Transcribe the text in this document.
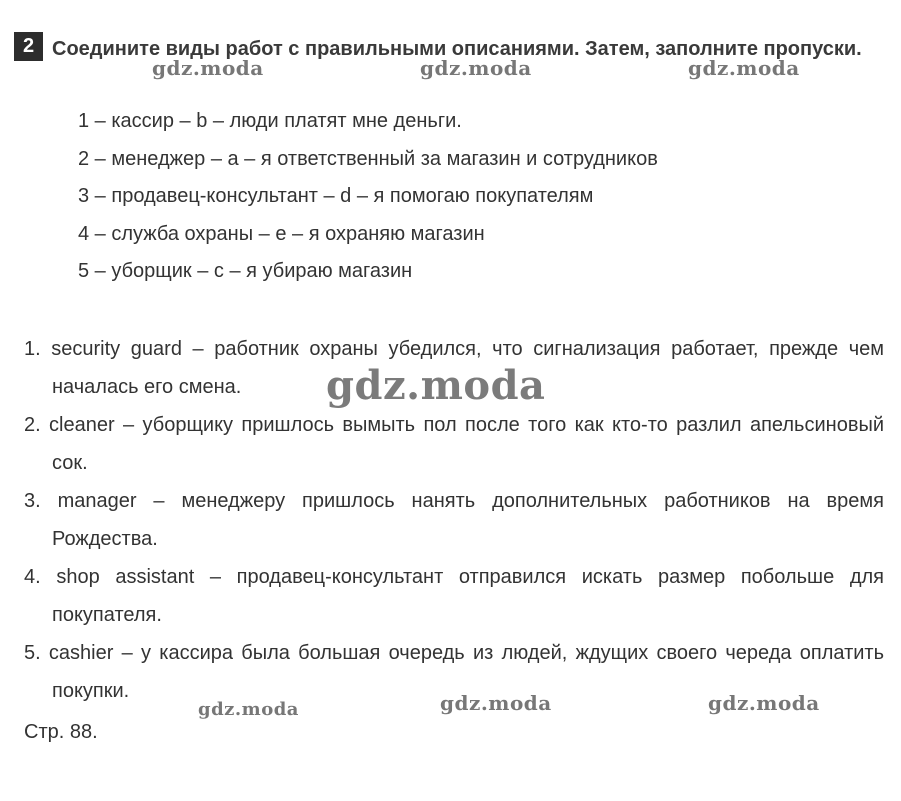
2 Соедините виды работ с правильными описаниями. Затем, заполните пропуски.
1 – кассир – b – люди платят мне деньги.
2 – менеджер – a – я ответственный за магазин и сотрудников
3 – продавец-консультант – d – я помогаю покупателям
4 – служба охраны – e – я охраняю магазин
5 – уборщик – c – я убираю магазин
1. security guard – работник охраны убедился, что сигнализация работает, прежде чем началась его смена.
2. cleaner – уборщику пришлось вымыть пол после того как кто-то разлил апельсиновый сок.
3. manager – менеджеру пришлось нанять дополнительных работников на время Рождества.
4. shop assistant – продавец-консультант отправился искать размер побольше для покупателя.
5. cashier – у кассира была большая очередь из людей, ждущих своего череда оплатить покупки.
Стр. 88.
gdz.moda	gdz.moda	gdz.moda
gdz.moda
gdz.moda	gdz.moda	gdz.moda
